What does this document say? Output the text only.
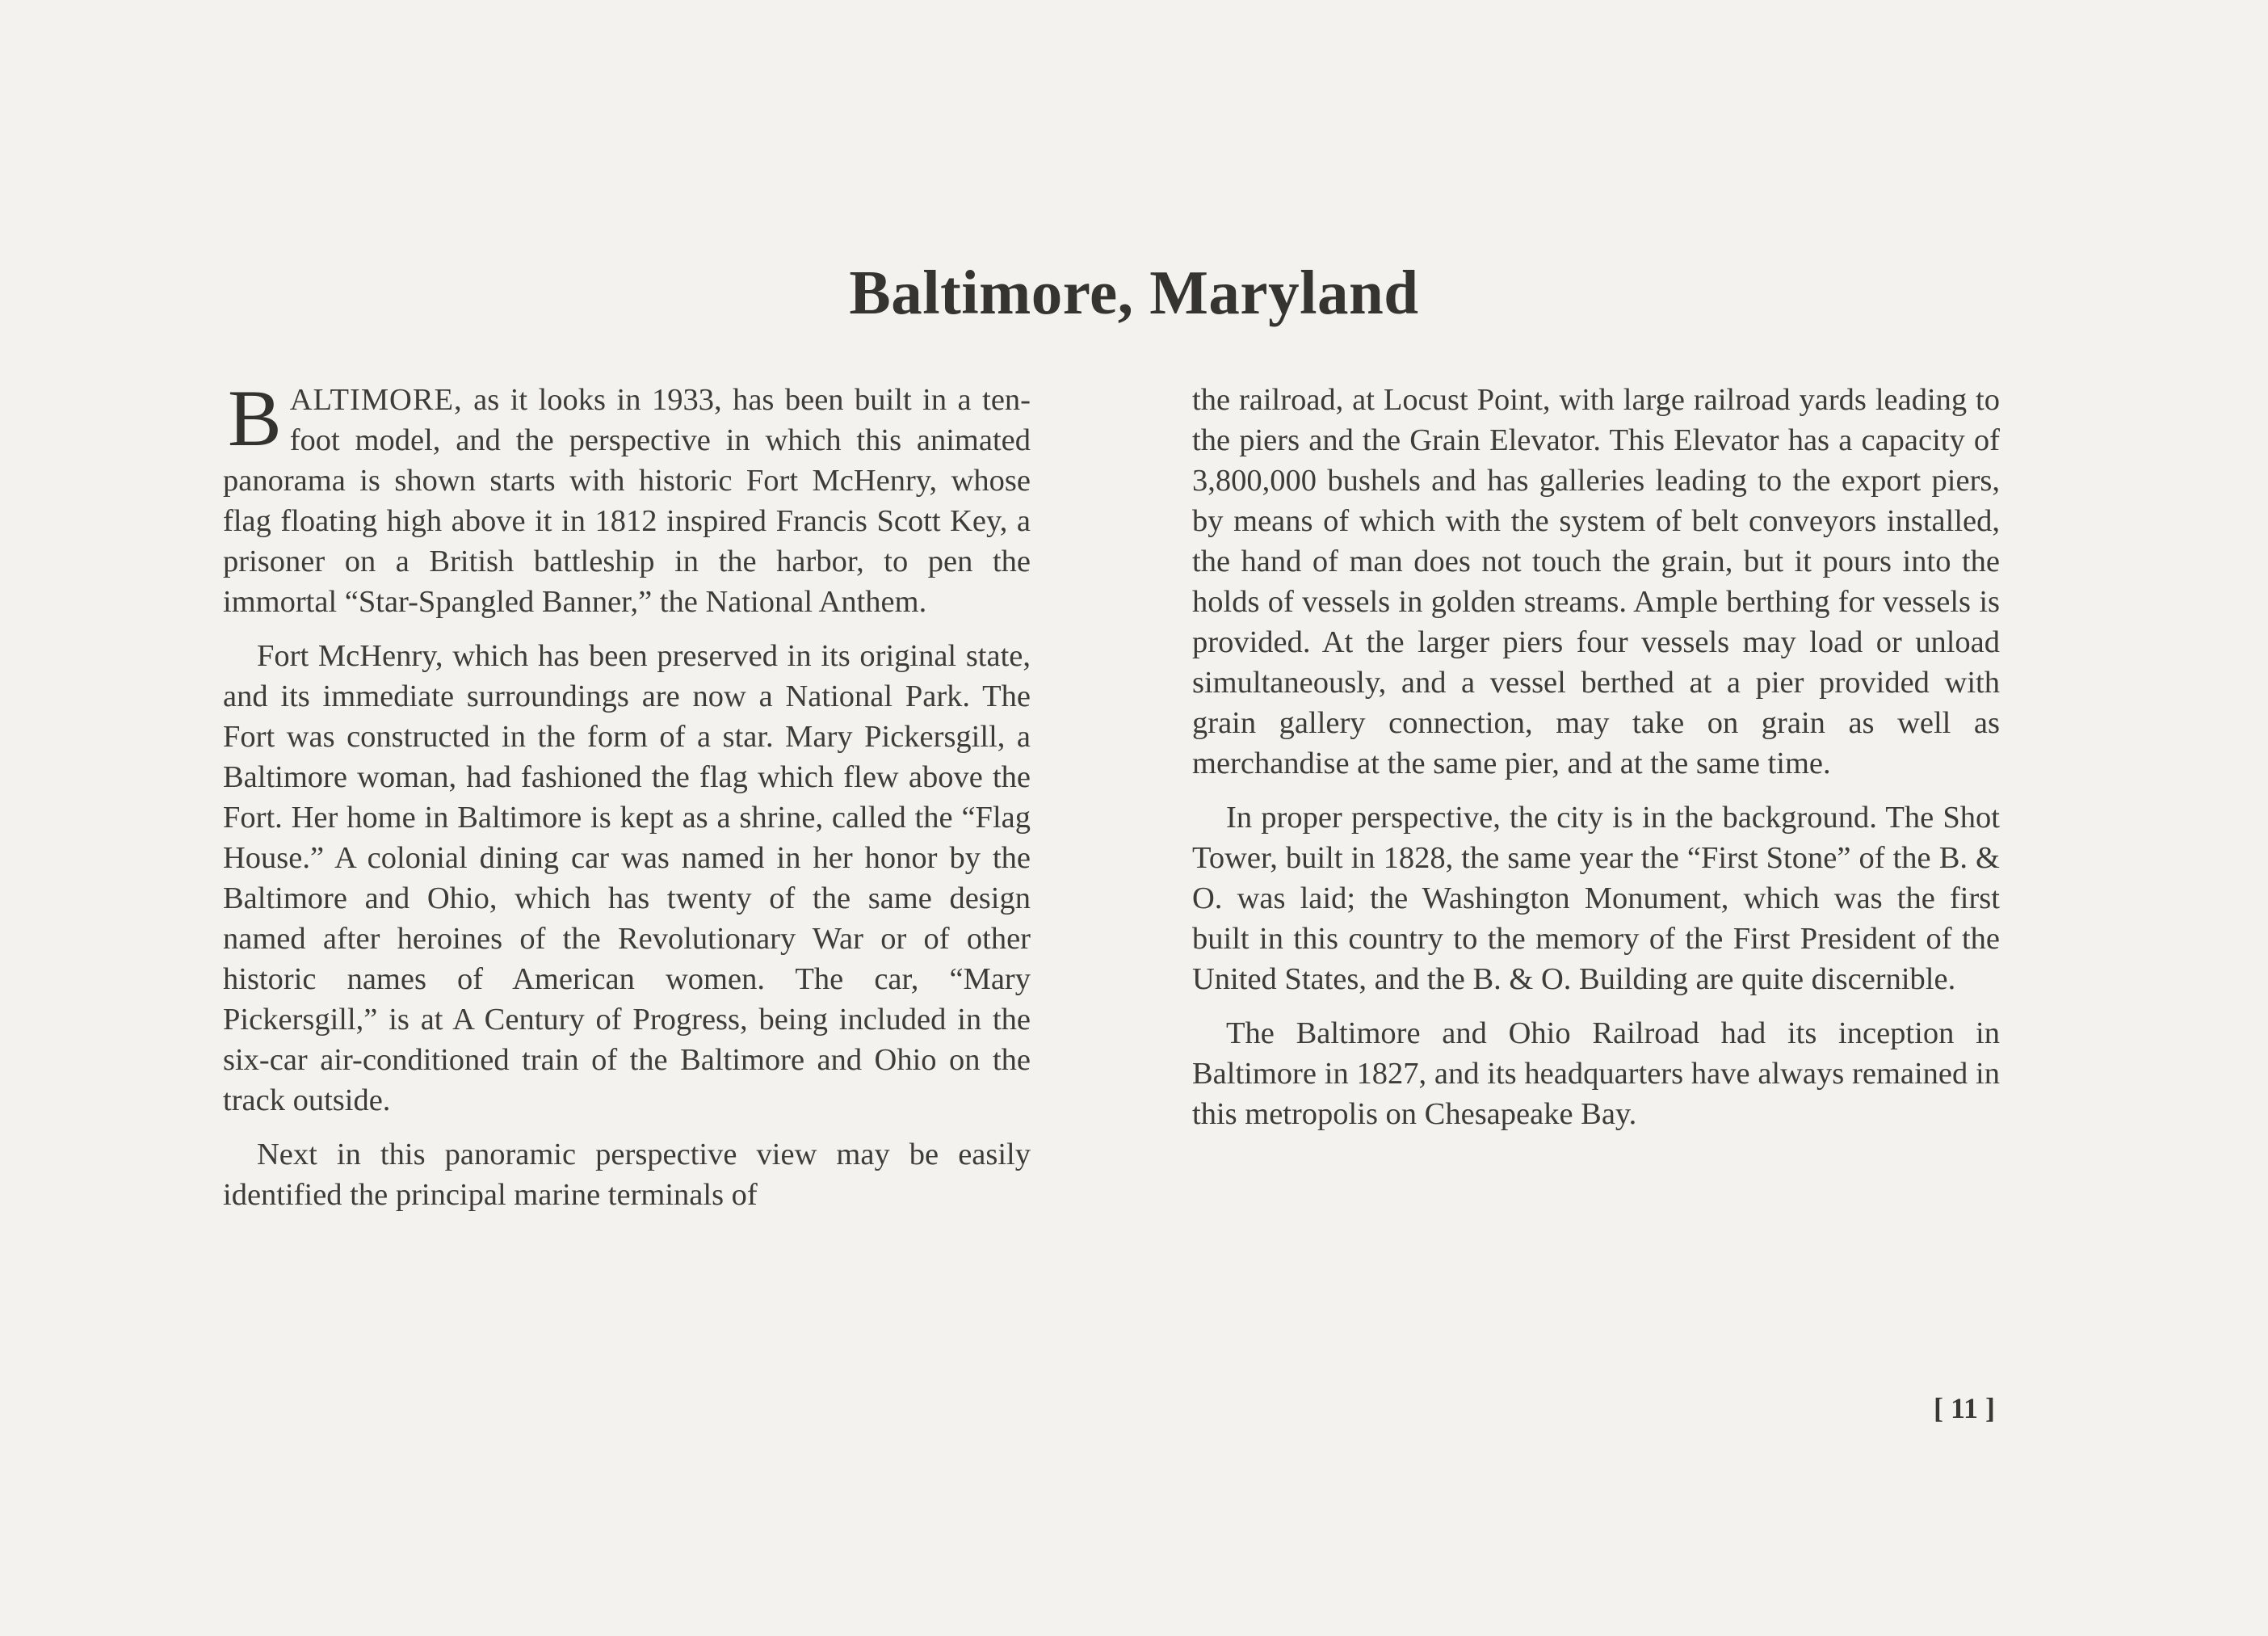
Baltimore, Maryland

BALTIMORE, as it looks in 1933, has been built in a ten-foot model, and the perspective in which this animated panorama is shown starts with historic Fort McHenry, whose flag floating high above it in 1812 inspired Francis Scott Key, a prisoner on a British battleship in the harbor, to pen the immortal “Star-Spangled Banner,” the National Anthem.

Fort McHenry, which has been preserved in its original state, and its immediate surroundings are now a National Park. The Fort was constructed in the form of a star. Mary Pickersgill, a Baltimore woman, had fashioned the flag which flew above the Fort. Her home in Baltimore is kept as a shrine, called the “Flag House.” A colonial dining car was named in her honor by the Baltimore and Ohio, which has twenty of the same design named after heroines of the Revolutionary War or of other historic names of American women. The car, “Mary Pickersgill,” is at A Century of Progress, being included in the six-car air-conditioned train of the Baltimore and Ohio on the track outside.

Next in this panoramic perspective view may be easily identified the principal marine terminals of

the railroad, at Locust Point, with large railroad yards leading to the piers and the Grain Elevator. This Elevator has a capacity of 3,800,000 bushels and has galleries leading to the export piers, by means of which with the system of belt conveyors installed, the hand of man does not touch the grain, but it pours into the holds of vessels in golden streams. Ample berthing for vessels is provided. At the larger piers four vessels may load or unload simultaneously, and a vessel berthed at a pier provided with grain gallery connection, may take on grain as well as merchandise at the same pier, and at the same time.

In proper perspective, the city is in the background. The Shot Tower, built in 1828, the same year the “First Stone” of the B. & O. was laid; the Washington Monument, which was the first built in this country to the memory of the First President of the United States, and the B. & O. Building are quite discernible.

The Baltimore and Ohio Railroad had its inception in Baltimore in 1827, and its headquarters have always remained in this metropolis on Chesapeake Bay.

[ 11 ]
